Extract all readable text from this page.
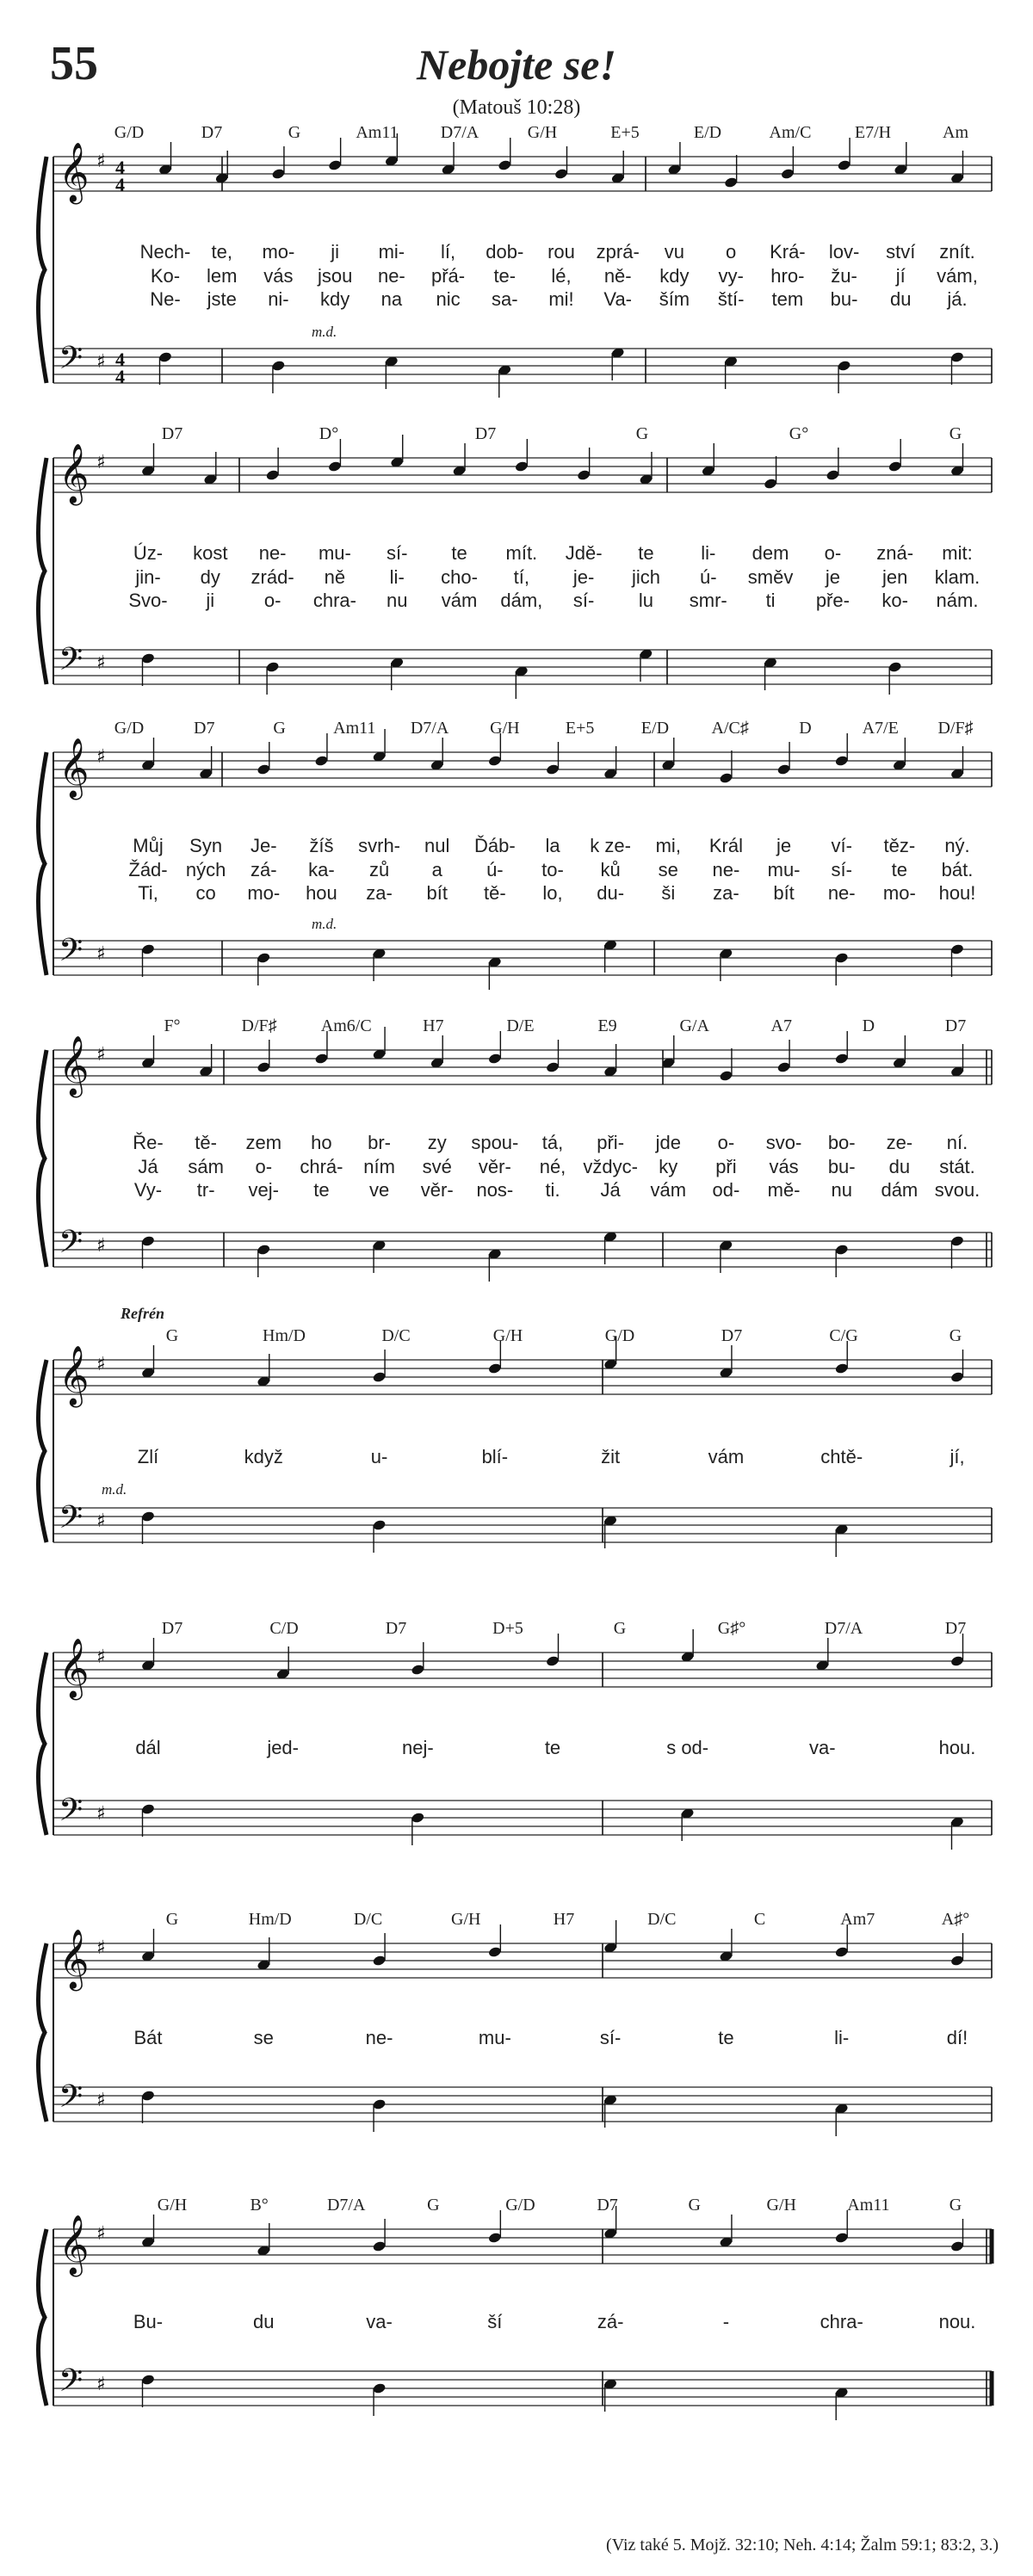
55	Nebojte se!
(Matouš 10:28)
𝄞
𝄢
♯
♯
4
4
4
4
G/D	D7	G	Am11 D7/A	G/H	E+5	E/D	Am/C	E7/H	Am
Nech- te, mo- ji mi- lí, dob- rou zprá- vu o Krá- lov- ství znít.
Ko- lem vás jsou ne- přá- te- lé, ně- kdy vy- hro- žu- jí vám,
Ne- jste ni- kdy na nic sa- mi! Va- ším ští- tem bu- du já.
m.d.
𝄞
𝄢
♯
♯
D7	D°	D7	G	G°	G
Úz- kost ne- mu- sí- te mít. Jdě- te li- dem o- zná- mit:
jin- dy zrád- ně li- cho- tí, je- jich ú- směv je jen klam.
Svo- ji	o- chra- nu vám dám, sí- lu smr- ti pře- ko- nám.
𝄞
𝄢
♯
♯
G/D	D7	G	Am11 D7/A G/H	E+5	E/D A/C♯	D	A7/E D/F♯
Můj Syn Je- žíš svrh- nul Ďáb- la k ze- mi, Král je ví- těz- ný.
Žád- ných zá- ka- zů a ú- to- ků se ne- mu- sí- te bát.
Ti, co mo- hou za- bít tě- lo, du- ši za- bít ne- mo- hou!
m.d.
𝄞
𝄢
♯
♯
F°	D/F♯	Am6/C	H7	D/E	E9	G/A	A7	D	D7
Ře- tě- zem ho br- zy spou- tá, při- jde o- svo- bo- ze- ní.
Já sám o- chrá- ním své věr- né, vždyc- ky při vás bu- du stát.
Vy- tr- vej- te ve věr- nos- ti. Já vám od- mě- nu dám svou.
𝄞
𝄢
♯
♯
G	Hm/D	D/C	G/H	G/D	D7	C/G	G
Zlí	když	u-	blí-	žit	vám	chtě-	jí,
m.d.
Refrén
𝄞
𝄢
♯
♯
D7	C/D	D7	D+5	G	G♯°	D7/A	D7
dál	jed-	nej-	te	s od-	va-	hou.
𝄞
𝄢
♯
♯
G	Hm/D	D/C	G/H	H7	D/C	C	Am7	A♯°
Bát	se	ne-	mu-	sí-	te	li-	dí!
𝄞
𝄢
♯
♯
G/H	B°	D7/A	G	G/D	D7	G	G/H	Am11	G
Bu-	du	va-	ší	zá-	-	chra-	nou.
(Viz také 5. Mojž. 32:10; Neh. 4:14; Žalm 59:1; 83:2, 3.)
